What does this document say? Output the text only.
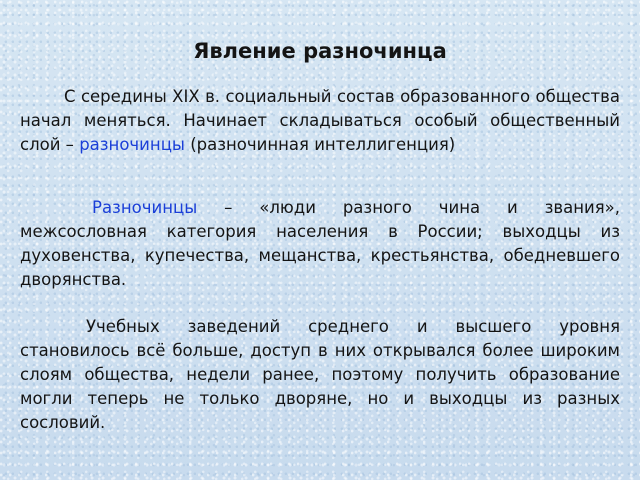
Явление разночинца

С середины XIX в. социальный состав образованного общества начал меняться. Начинает складываться особый общественный слой – разночинцы (разночинная интеллигенция)

Разночинцы – «люди разного чина и звания», межсословная категория населения в России; выходцы из духовенства, купечества, мещанства, крестьянства, обедневшего дворянства.

Учебных заведений среднего и высшего уровня становилось всё больше, доступ в них открывался более широким слоям общества, недели ранее, поэтому получить образование могли теперь не только дворяне, но и выходцы из разных сословий.
